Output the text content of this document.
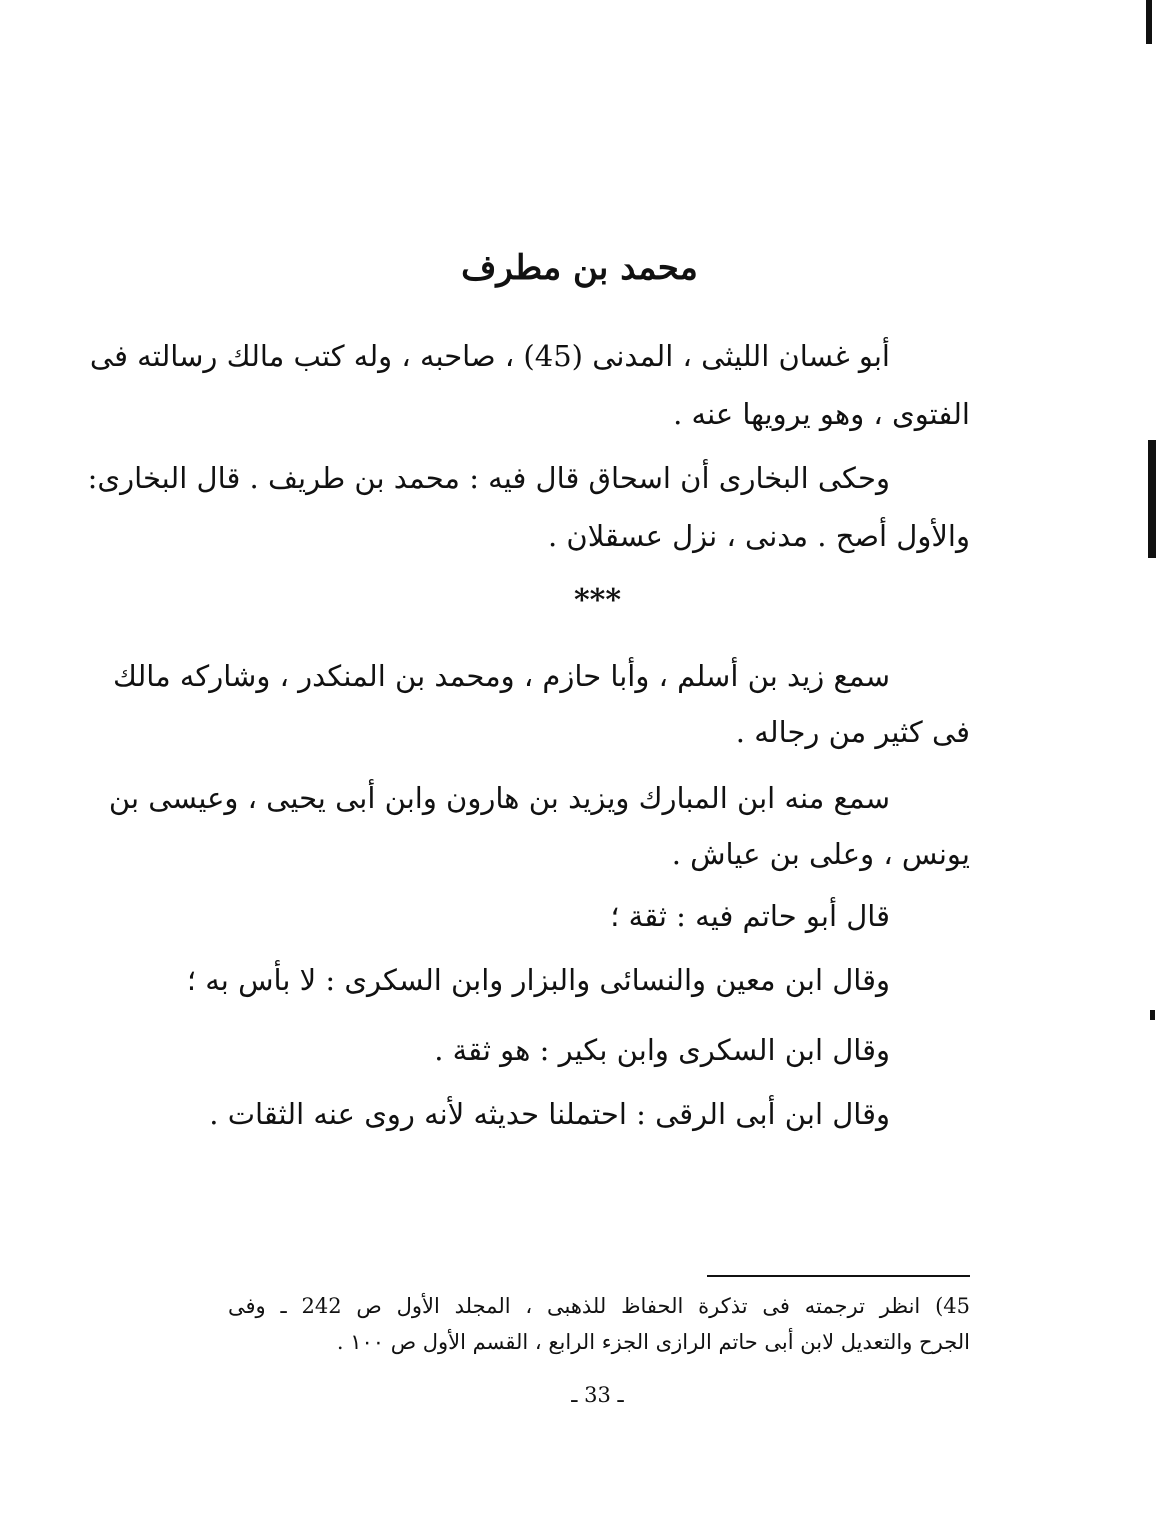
محمد بن مطرف
أبو غسان الليثى ، المدنى (45) ، صاحبه ، وله كتب مالك رسالته فى
الفتوى ، وهو يرويها عنه .
وحكى البخارى أن اسحاق قال فيه : محمد بن طريف . قال البخارى:
والأول أصح . مدنى ، نزل عسقلان .
***
سمع زيد بن أسلم ، وأبا حازم ، ومحمد بن المنكدر ، وشاركه مالك
فى كثير من رجاله .
سمع منه ابن المبارك ويزيد بن هارون وابن أبى يحيى ، وعيسى بن
يونس ، وعلى بن عياش .
قال أبو حاتم فيه : ثقة ؛
وقال ابن معين والنسائى والبزار وابن السكرى : لا بأس به ؛
وقال ابن السكرى وابن بكير : هو ثقة .
وقال ابن أبى الرقى : احتملنا حديثه لأنه روى عنه الثقات .
45) انظر ترجمته فى تذكرة الحفاظ للذهبى ، المجلد الأول ص 242 ـ وفى
الجرح والتعديل لابن أبى حاتم الرازى الجزء الرابع ، القسم الأول ص ١٠٠ .
ـ 33 ـ
